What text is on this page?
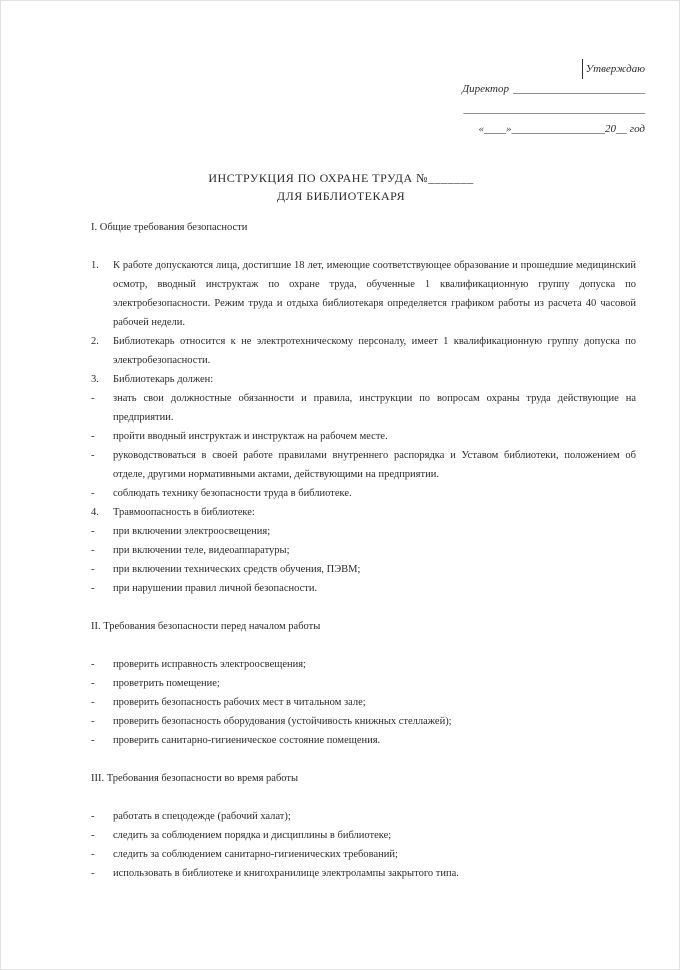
Утверждаю
Директор ________________________
_________________________________
«____»_________________20__ год
ИНСТРУКЦИЯ ПО ОХРАНЕ ТРУДА №_______
ДЛЯ БИБЛИОТЕКАРЯ
I. Общие требования безопасности
1.	К работе допускаются лица, достигшие 18 лет, имеющие соответствующее образование и прошедшие медицинский осмотр, вводный инструктаж по охране труда, обученные 1 квалификационную группу допуска по электробезопасности. Режим труда и отдыха библиотекаря определяется графиком работы из расчета 40 часовой рабочей недели.
2.	Библиотекарь относится к не электротехническому персоналу, имеет 1 квалификационную группу допуска по электробезопасности.
3.	Библиотекарь должен:
-	знать свои должностные обязанности и правила, инструкции по вопросам охраны труда действующие на предприятии.
-	пройти вводный инструктаж и инструктаж на рабочем месте.
-	руководствоваться в своей работе правилами внутреннего распорядка и Уставом библиотеки, положением об отделе, другими нормативными актами, действующими на предприятии.
-	соблюдать технику безопасности труда в библиотеке.
4.	Травмоопасность в библиотеке:
-	при включении электроосвещения;
-	при включении теле, видеоаппаратуры;
-	при включении технических средств обучения, ПЭВМ;
-	при нарушении правил личной безопасности.
II. Требования безопасности перед началом работы
-	проверить исправность электроосвещения;
-	проветрить помещение;
-	проверить безопасность рабочих мест в читальном зале;
-	проверить безопасность оборудования (устойчивость книжных стеллажей);
-	проверить санитарно-гигиеническое состояние помещения.
III. Требования безопасности во время работы
-	работать в спецодежде (рабочий халат);
-	следить за соблюдением порядка и дисциплины в библиотеке;
-	следить за соблюдением санитарно-гигиенических требований;
-	использовать в библиотеке и книгохранилище электролампы закрытого типа.
